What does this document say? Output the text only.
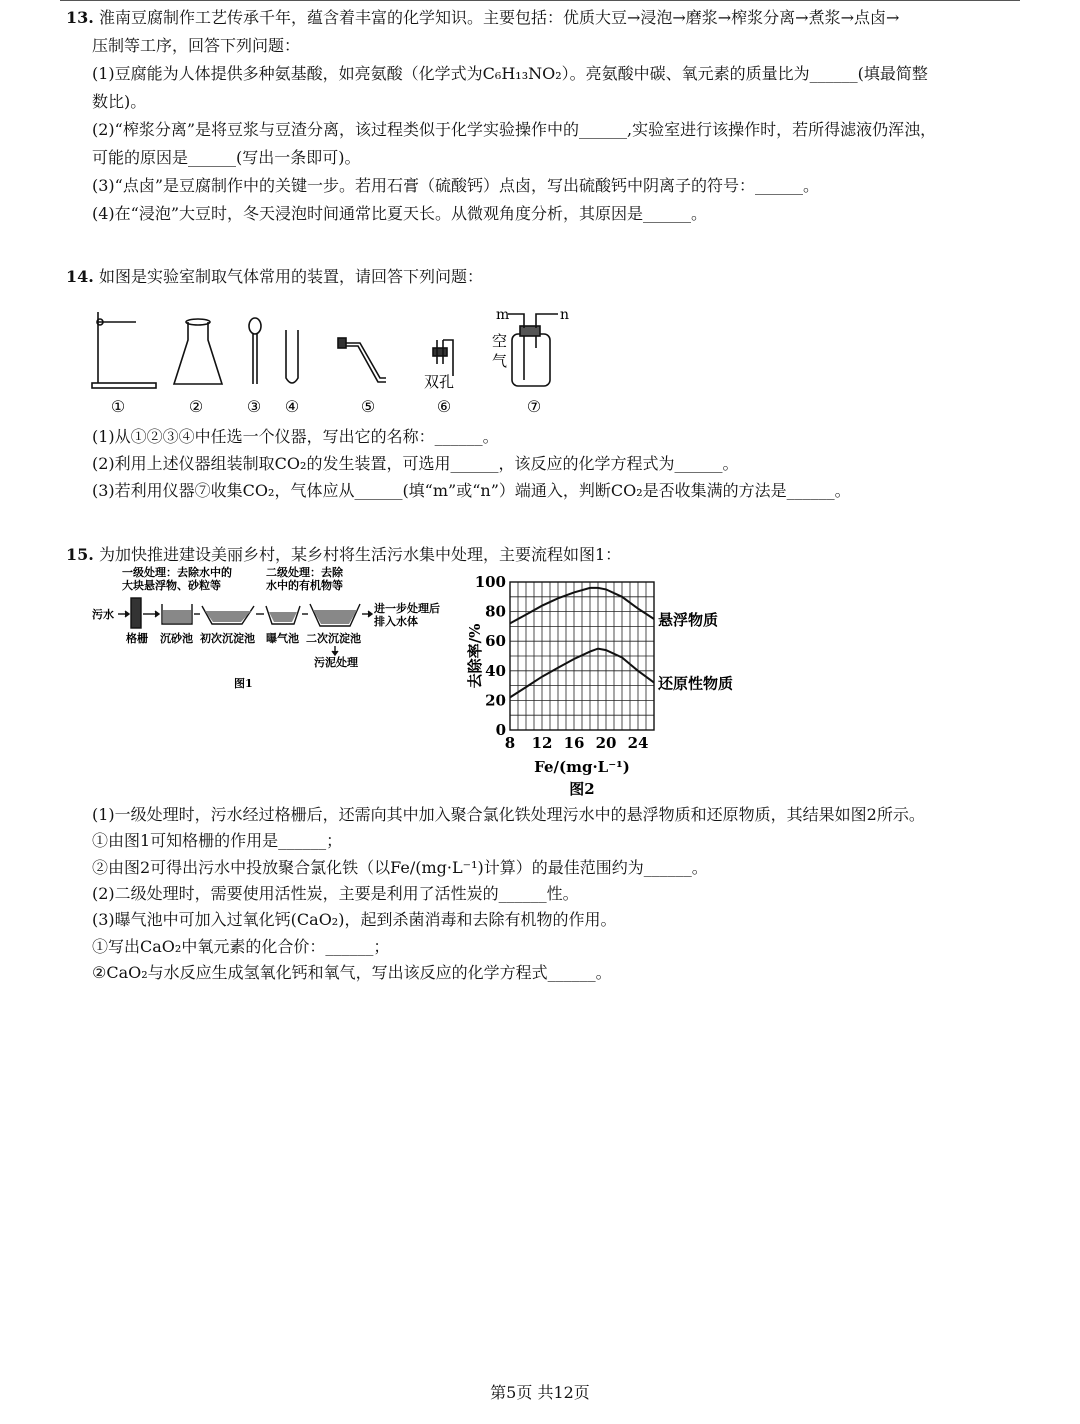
13. 淮南豆腐制作工艺传承千年，蕴含着丰富的化学知识。主要包括：优质大豆→浸泡→磨浆→榨浆分离→煮浆→点卤→
压制等工序，回答下列问题：
(1)豆腐能为人体提供多种氨基酸，如亮氨酸（化学式为C₆H₁₃NO₂）。亮氨酸中碳、氧元素的质量比为______(填最简整
数比)。
(2)“榨浆分离”是将豆浆与豆渣分离，该过程类似于化学实验操作中的______,实验室进行该操作时，若所得滤液仍浑浊，
可能的原因是______(写出一条即可)。
(3)“点卤”是豆腐制作中的关键一步。若用石膏（硫酸钙）点卤，写出硫酸钙中阴离子的符号：______。
(4)在“浸泡”大豆时，冬天浸泡时间通常比夏天长。从微观角度分析，其原因是______。
14. 如图是实验室制取气体常用的装置，请回答下列问题：
双孔
空
气
m	n
①	②	③ ④	⑤	⑥	⑦
(1)从①②③④中任选一个仪器，写出它的名称：______。
(2)利用上述仪器组装制取CO₂的发生装置，可选用______，该反应的化学方程式为______。
(3)若利用仪器⑦收集CO₂，气体应从______(填“m”或“n”）端通入，判断CO₂是否收集满的方法是______。
15. 为加快推进建设美丽乡村，某乡村将生活污水集中处理，主要流程如图1：
一级处理：去除水中的
大块悬浮物、砂粒等
二级处理：去除
水中的有机物等
污水	进一步处理后
排入水体
格栅 沉砂池 初次沉淀池 曝气池 二次沉淀池
污泥处理
图1
8 12 16 20 24
0
20
40
60
80
100
悬浮物质
还原性物质
去除率/%
Fe/(mg·L⁻¹)
图2
(1)一级处理时，污水经过格栅后，还需向其中加入聚合氯化铁处理污水中的悬浮物质和还原物质，其结果如图2所示。
①由图1可知格栅的作用是______；
②由图2可得出污水中投放聚合氯化铁（以Fe/(mg·L⁻¹)计算）的最佳范围约为______。
(2)二级处理时，需要使用活性炭，主要是利用了活性炭的______性。
(3)曝气池中可加入过氧化钙(CaO₂)，起到杀菌消毒和去除有机物的作用。
①写出CaO₂中氧元素的化合价：______；
②CaO₂与水反应生成氢氧化钙和氧气，写出该反应的化学方程式______。
第5页 共12页
